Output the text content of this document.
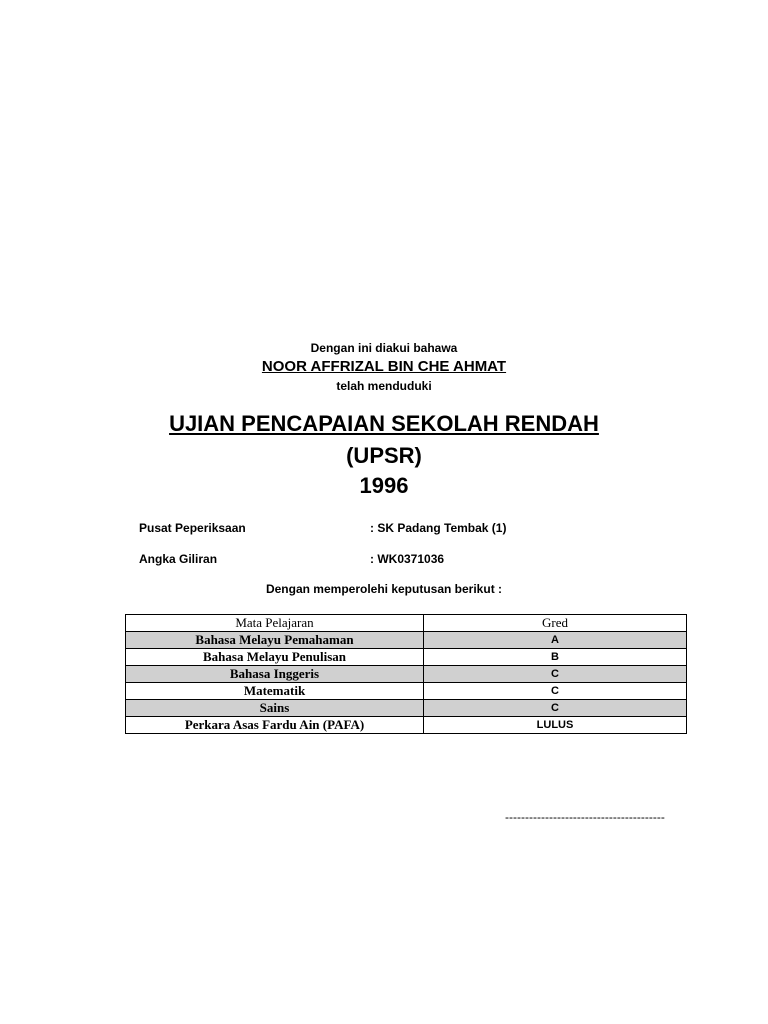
Dengan ini diakui bahawa
NOOR AFFRIZAL BIN CHE AHMAT
telah menduduki
UJIAN PENCAPAIAN SEKOLAH RENDAH
(UPSR)
1996
Pusat Peperiksaan	: SK Padang Tembak (1)
Angka Giliran	: WK0371036
Dengan memperolehi keputusan berikut :
Mata Pelajaran	Gred
Bahasa Melayu Pemahaman	A
Bahasa Melayu Penulisan	B
Bahasa Inggeris	C
Matematik	C
Sains	C
Perkara Asas Fardu Ain (PAFA)	LULUS
----------------------------------------
